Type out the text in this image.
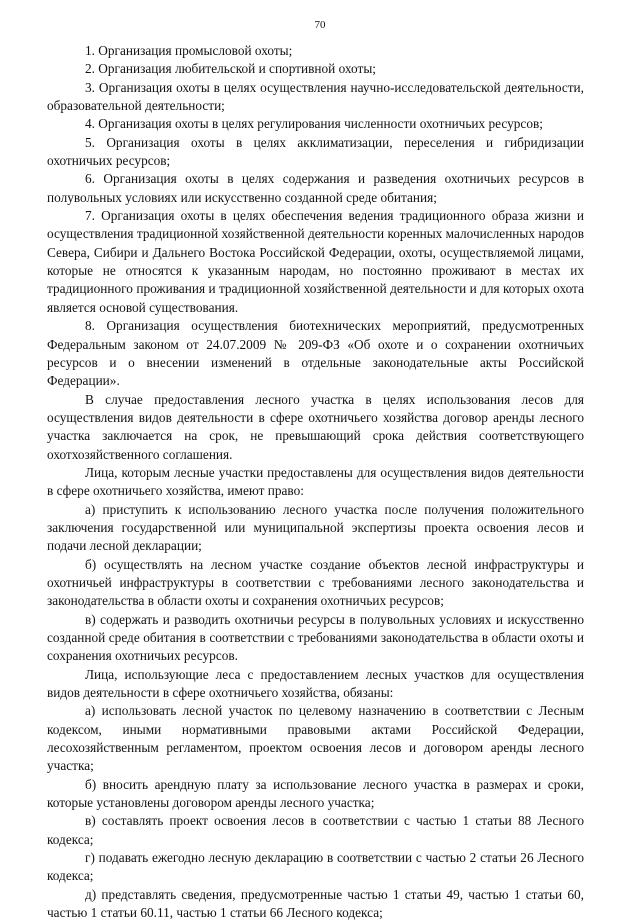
70

1. Организация промысловой охоты;

2. Организация любительской и спортивной охоты;

3. Организация охоты в целях осуществления научно-исследовательской деятельности, образовательной деятельности;

4. Организация охоты в целях регулирования численности охотничьих ресурсов;

5. Организация охоты в целях акклиматизации, переселения и гибридизации охотничьих ресурсов;

6. Организация охоты в целях содержания и разведения охотничьих ресурсов в полувольных условиях или искусственно созданной среде обитания;

7. Организация охоты в целях обеспечения ведения традиционного образа жизни и осуществления традиционной хозяйственной деятельности коренных малочисленных народов Севера, Сибири и Дальнего Востока Российской Федерации, охоты, осуществляемой лицами, которые не относятся к указанным народам, но постоянно проживают в местах их традиционного проживания и традиционной хозяйственной деятельности и для которых охота является основой существования.

8. Организация осуществления биотехнических мероприятий, предусмотренных Федеральным законом от 24.07.2009 № 209-ФЗ «Об охоте и о сохранении охотничьих ресурсов и о внесении изменений в отдельные законодательные акты Российской Федерации».

В случае предоставления лесного участка в целях использования лесов для осуществления видов деятельности в сфере охотничьего хозяйства договор аренды лесного участка заключается на срок, не превышающий срока действия соответствующего охотхозяйственного соглашения.

Лица, которым лесные участки предоставлены для осуществления видов деятельности в сфере охотничьего хозяйства, имеют право:

а) приступить к использованию лесного участка после получения положительного заключения государственной или муниципальной экспертизы проекта освоения лесов и подачи лесной декларации;

б) осуществлять на лесном участке создание объектов лесной инфраструктуры и охотничьей инфраструктуры в соответствии с требованиями лесного законодательства и законодательства в области охоты и сохранения охотничьих ресурсов;

в) содержать и разводить охотничьи ресурсы в полувольных условиях и искусственно созданной среде обитания в соответствии с требованиями законодательства в области охоты и сохранения охотничьих ресурсов.

Лица, использующие леса с предоставлением лесных участков для осуществления видов деятельности в сфере охотничьего хозяйства, обязаны:

а) использовать лесной участок по целевому назначению в соответствии с Лесным кодексом, иными нормативными правовыми актами Российской Федерации, лесохозяйственным регламентом, проектом освоения лесов и договором аренды лесного участка;

б) вносить арендную плату за использование лесного участка в размерах и сроки, которые установлены договором аренды лесного участка;

в) составлять проект освоения лесов в соответствии с частью 1 статьи 88 Лесного кодекса;

г) подавать ежегодно лесную декларацию в соответствии с частью 2 статьи 26 Лесного кодекса;

д) представлять сведения, предусмотренные частью 1 статьи 49, частью 1 статьи 60, частью 1 статьи 60.11, частью 1 статьи 66 Лесного кодекса;
